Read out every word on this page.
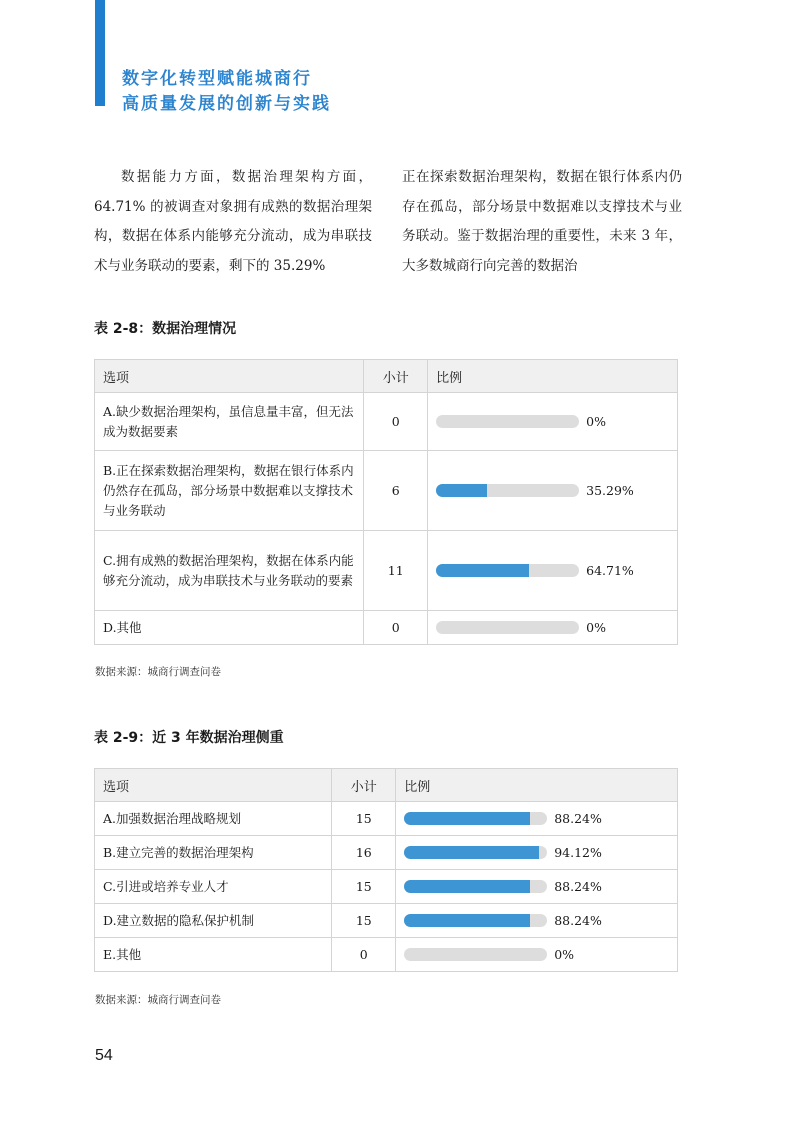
数字化转型赋能城商行
高质量发展的创新与实践

数据能力方面，数据治理架构方面，64.71% 的被调查对象拥有成熟的数据治理架构，数据在体系内能够充分流动，成为串联技术与业务联动的要素，剩下的 35.29%

正在探索数据治理架构，数据在银行体系内仍存在孤岛，部分场景中数据难以支撑技术与业务联动。鉴于数据治理的重要性，未来 3 年，大多数城商行向完善的数据治

表 2-8：数据治理情况
选项	小计	比例
A.缺少数据治理架构，虽信息量丰富，但无法成为数据要素	0	0%

B.正在探索数据治理架构，数据在银行体系内仍然存在孤岛，部分场景中数据难以支撑技术与业务联动	6	35.29%

C.拥有成熟的数据治理架构，数据在体系内能够充分流动，成为串联技术与业务联动的要素	11	64.71%

D.其他	0	0%
数据来源：城商行调查问卷
表 2-9：近 3 年数据治理侧重
选项	小计	比例
A.加强数据治理战略规划	15	88.24%

B.建立完善的数据治理架构	16	94.12%

C.引进或培养专业人才	15	88.24%

D.建立数据的隐私保护机制	15	88.24%

E.其他	0	0%
数据来源：城商行调查问卷
54
